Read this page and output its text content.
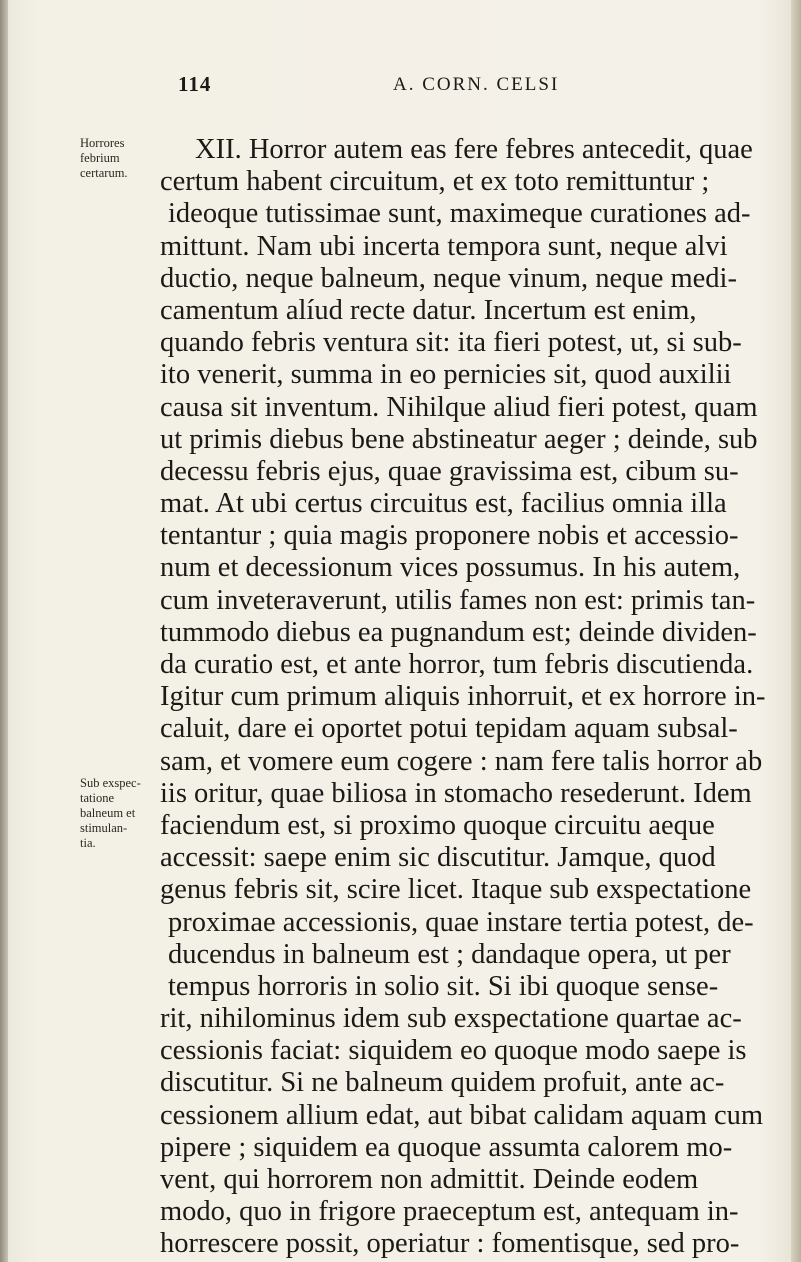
114	A. CORN. CELSI
Horrores
febrium
certarum.
Sub exspec-
tatione
balneum et
stimulan-
tia.
XII. Horror autem eas fere febres antecedit, quae
certum habent circuitum, et ex toto remittuntur ;
ideoque tutissimae sunt, maximeque curationes ad-
mittunt. Nam ubi incerta tempora sunt, neque alvi
ductio, neque balneum, neque vinum, neque medi-
camentum alíud recte datur. Incertum est enim,
quando febris ventura sit: ita fieri potest, ut, si sub-
ito venerit, summa in eo pernicies sit, quod auxilii
causa sit inventum. Nihilque aliud fieri potest, quam
ut primis diebus bene abstineatur aeger ; deinde, sub
decessu febris ejus, quae gravissima est, cibum su-
mat. At ubi certus circuitus est, facilius omnia illa
tentantur ; quia magis proponere nobis et accessio-
num et decessionum vices possumus. In his autem,
cum inveteraverunt, utilis fames non est: primis tan-
tummodo diebus ea pugnandum est; deinde dividen-
da curatio est, et ante horror, tum febris discutienda.
Igitur cum primum aliquis inhorruit, et ex horrore in-
caluit, dare ei oportet potui tepidam aquam subsal-
sam, et vomere eum cogere : nam fere talis horror ab
iis oritur, quae biliosa in stomacho resederunt. Idem
faciendum est, si proximo quoque circuitu aeque
accessit: saepe enim sic discutitur. Jamque, quod
genus febris sit, scire licet. Itaque sub exspectatione
proximae accessionis, quae instare tertia potest, de-
ducendus in balneum est ; dandaque opera, ut per
tempus horroris in solio sit. Si ibi quoque sense-
rit, nihilominus idem sub exspectatione quartae ac-
cessionis faciat: siquidem eo quoque modo saepe is
discutitur. Si ne balneum quidem profuit, ante ac-
cessionem allium edat, aut bibat calidam aquam cum
pipere ; siquidem ea quoque assumta calorem mo-
vent, qui horrorem non admittit. Deinde eodem
modo, quo in frigore praeceptum est, antequam in-
horrescere possit, operiatur : fomentisque, sed pro-
